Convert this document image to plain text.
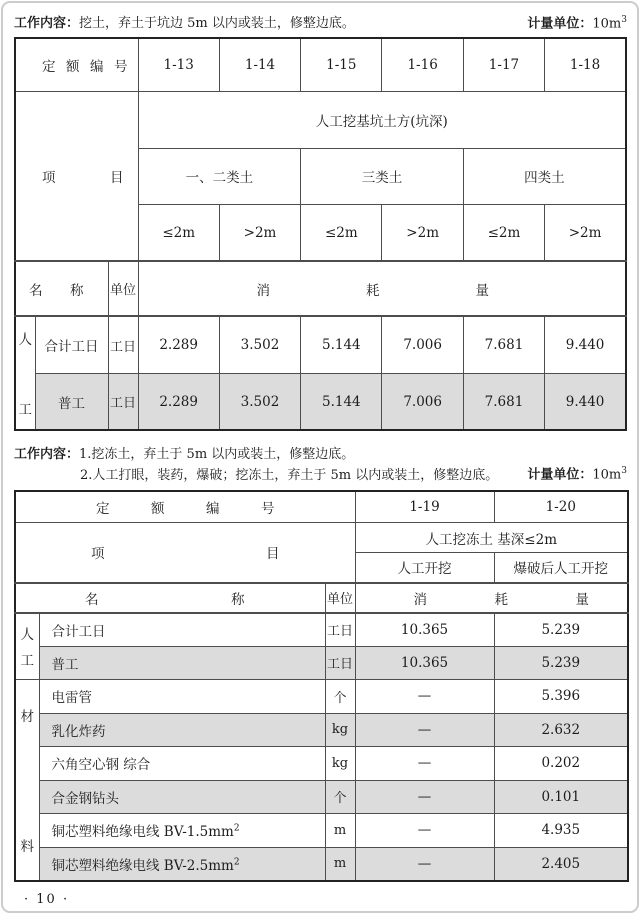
工作内容：挖土，弃土于坑边 5m 以内或装土，修整边底。	计量单位：$10m^3$
定 额 编 号			1-13	1-14	1-15	1-16	1-17	1-18

项 目			人工挖基坑土方(坑深)					
			一、二类土		三类土		四类土	
			≤2m	>2m	≤2m	>2m	≤2m	>2m

名 称		单位	消 耗 量					

人
工	合计工日	工日	2.289	3.502	5.144	7.006	7.681	9.440
	普工	工日	2.289	3.502	5.144	7.006	7.681	9.440
工作内容：1.挖冻土，弃土于 5m 以内或装土，修整边底。
2.人工打眼，装药，爆破；挖冻土，弃土于 5m 以内或装土，修整边底。 计量单位：$10m^3$
定 额 编 号			1-19	1-20

项 目			人工挖冻土 基深≤2m	
			人工开挖	爆破后人工开挖

名 称		单位	消 耗 量	

人
工	合计工日	工日	10.365	5.239
	普工	工日	10.365	5.239

材
料	电雷管	个	—	5.396
	乳化炸药	kg	—	2.632
	六角空心钢 综合	kg	—	0.202
	合金钢钻头	个	—	0.101
	铜芯塑料绝缘电线 $BV-1.5mm^2$	m	—	4.935
	铜芯塑料绝缘电线 $BV-2.5mm^2$	m	—	2.405
· 10 ·
